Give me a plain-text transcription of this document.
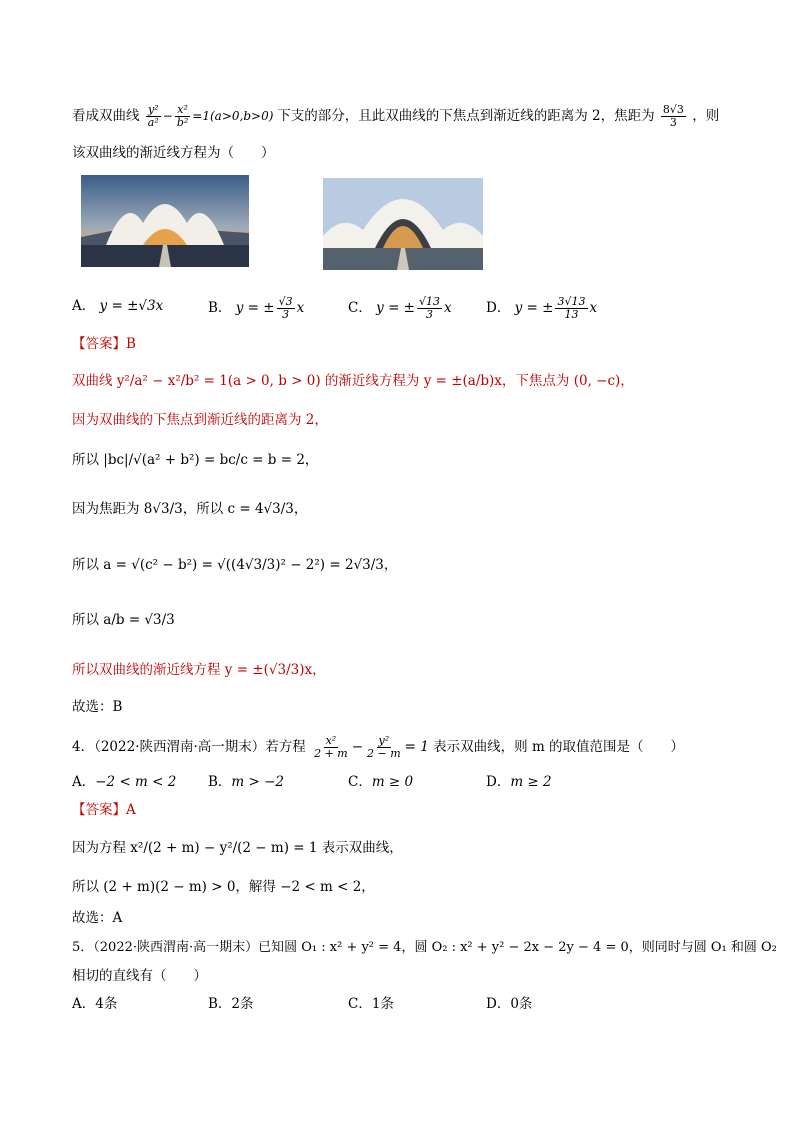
看成双曲线 $\frac{\text{y²}}{\text{a²}} - \frac{\text{x²}}{\text{b²}} =1(a>0,b>0)$ 下支的部分，且此双曲线的下焦点到渐近线的距离为 2，焦距为 $\frac{8√3}{3}$ ，则
该双曲线的渐近线方程为（　　）
A． y = ±√3x	B． y = ± $\frac{√3}{3}$ x	C． y = ± $\frac{√13}{3}$ x	D． y = ± $\frac{3√13}{13}$ x
【答案】B
双曲线 y²/a² − x²/b² = 1(a > 0, b > 0) 的渐近线方程为 y = ±(a/b)x，下焦点为 (0, −c)，
因为双曲线的下焦点到渐近线的距离为 2，
所以 |bc|/√(a² + b²) = bc/c = b = 2，
因为焦距为 8√3/3，所以 c = 4√3/3，
所以 a = √(c² − b²) = √((4√3/3)² − 2²) = 2√3/3，
所以 a/b = √3/3
所以双曲线的渐近线方程 y = ±(√3/3)x，
故选：B
4．（2022·陕西渭南·高一期末）若方程 $\frac{\text{x²}}{2 + m} - \frac{\text{y²}}{2 - m} = 1$ 表示双曲线，则 m 的取值范围是（　　）
A．−2 < m < 2 B．m > −2	C．m ≥ 0	D．m ≥ 2
【答案】A
因为方程 x²/(2 + m) − y²/(2 − m) = 1 表示双曲线，
所以 (2 + m)(2 − m) > 0，解得 −2 < m < 2，
故选：A
5．（2022·陕西渭南·高一期末）已知圆 O₁ : x² + y² = 4，圆 O₂ : x² + y² − 2x − 2y − 4 = 0，则同时与圆 O₁ 和圆 O₂
相切的直线有（　　）
A．4条	B．2条	C．1条	D．0条
